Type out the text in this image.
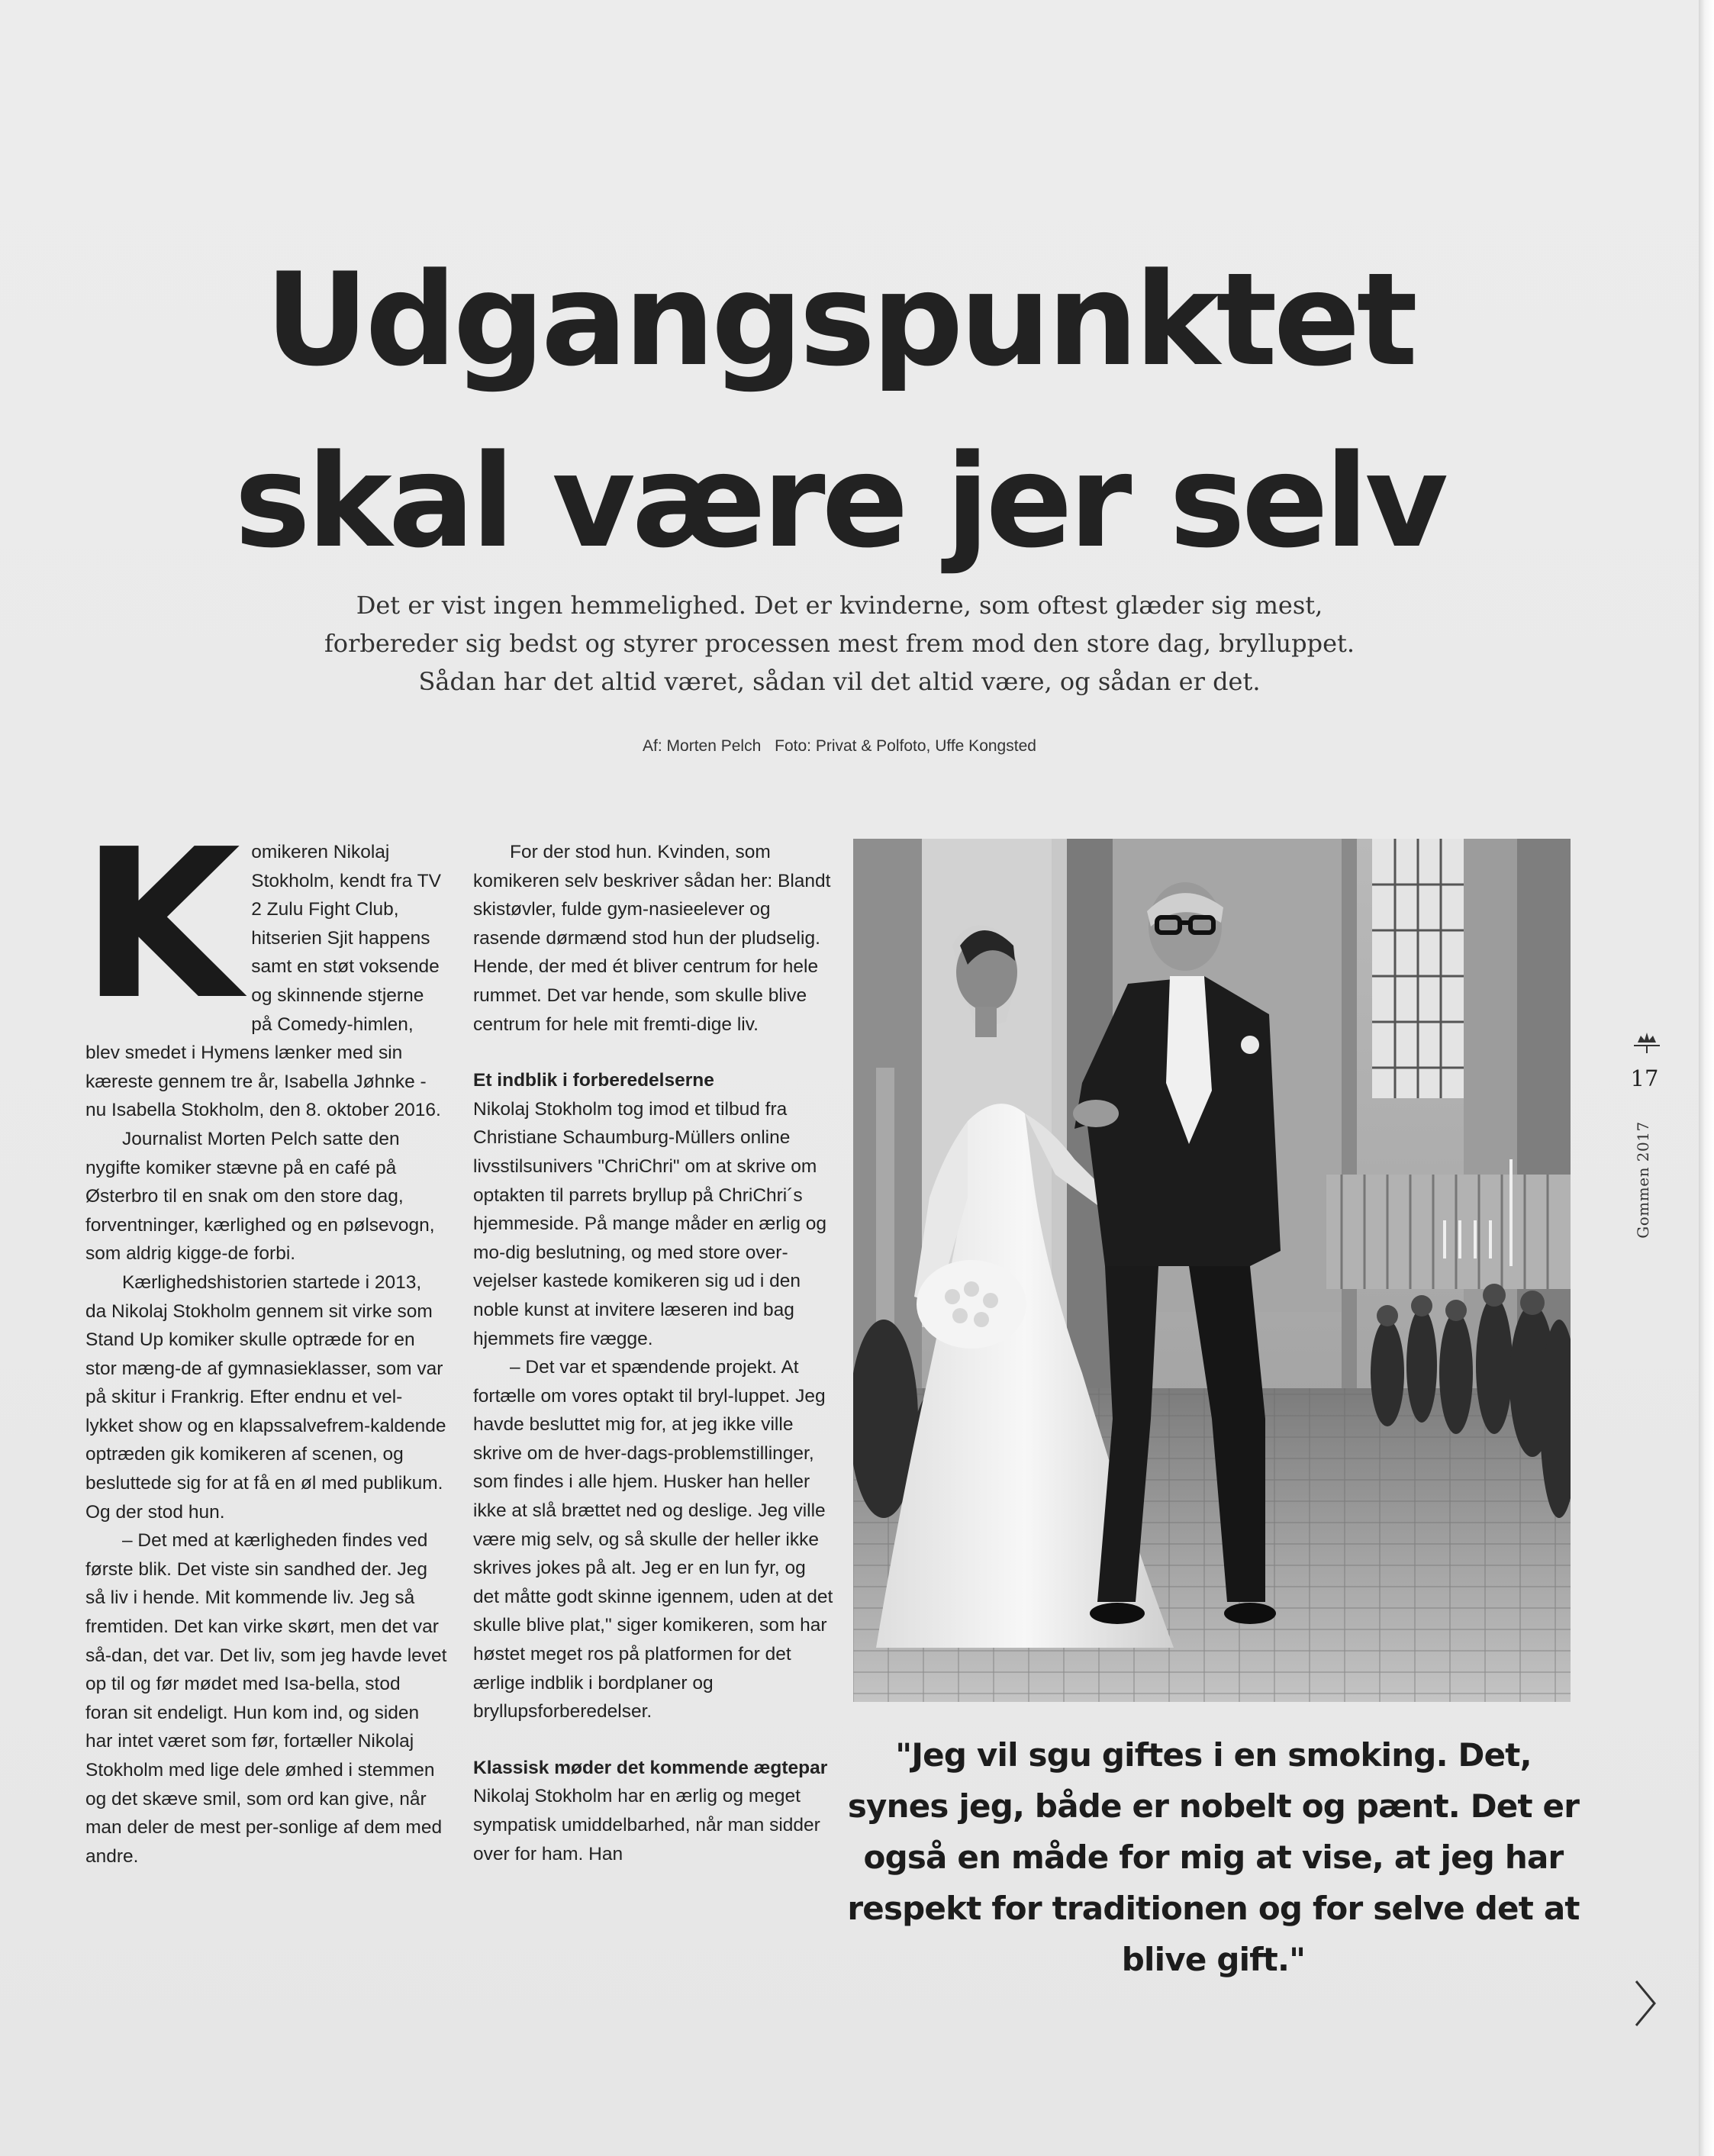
Udgangspunktet
skal være jer selv
Det er vist ingen hemmelighed. Det er kvinderne, som oftest glæder sig mest,
forbereder sig bedst og styrer processen mest frem mod den store dag, brylluppet.
Sådan har det altid været, sådan vil det altid være, og sådan er det.
Af: Morten Pelch Foto: Privat & Polfoto, Uffe Kongsted
K omikeren Nikolaj Stokholm, kendt fra TV 2 Zulu Fight Club, hitserien Sjit happens samt en støt voksende og skinnende stjerne på Comedy-himlen, blev smedet i Hymens lænker med sin kæreste gennem tre år, Isabella Jøhnke - nu Isabella Stokholm, den 8. oktober 2016.

Journalist Morten Pelch satte den nygifte komiker stævne på en café på Østerbro til en snak om den store dag, forventninger, kærlighed og en pølsevogn, som aldrig kigge-de forbi.

Kærlighedshistorien startede i 2013, da Nikolaj Stokholm gennem sit virke som Stand Up komiker skulle optræde for en stor mæng-de af gymnasieklasser, som var på skitur i Frankrig. Efter endnu et vel-lykket show og en klapssalvefrem-kaldende optræden gik komikeren af scenen, og besluttede sig for at få en øl med publikum. Og der stod hun.

– Det med at kærligheden findes ved første blik. Det viste sin sandhed der. Jeg så liv i hende. Mit kommende liv. Jeg så fremtiden. Det kan virke skørt, men det var så-dan, det var. Det liv, som jeg havde levet op til og før mødet med Isa-bella, stod foran sit endeligt. Hun kom ind, og siden har intet været som før, fortæller Nikolaj Stokholm med lige dele ømhed i stemmen og det skæve smil, som ord kan give, når man deler de mest per-sonlige af dem med andre.

For der stod hun. Kvinden, som komikeren selv beskriver sådan her: Blandt skistøvler, fulde gym-nasieelever og rasende dørmænd stod hun der pludselig. Hende, der med ét bliver centrum for hele rummet. Det var hende, som skulle blive centrum for hele mit fremti-dige liv.

Et indblik i forberedelserne

Nikolaj Stokholm tog imod et tilbud fra Christiane Schaumburg-Müllers online livsstilsunivers "ChriChri" om at skrive om optakten til parrets bryllup på ChriChri´s hjemmeside. På mange måder en ærlig og mo-dig beslutning, og med store over-vejelser kastede komikeren sig ud i den noble kunst at invitere læseren ind bag hjemmets fire vægge.

– Det var et spændende projekt. At fortælle om vores optakt til bryl-luppet. Jeg havde besluttet mig for, at jeg ikke ville skrive om de hver-dags-problemstillinger, som findes i alle hjem. Husker han heller ikke at slå brættet ned og deslige. Jeg ville være mig selv, og så skulle der heller ikke skrives jokes på alt. Jeg er en lun fyr, og det måtte godt skinne igennem, uden at det skulle blive plat," siger komikeren, som har høstet meget ros på platformen for det ærlige indblik i bordplaner og bryllupsforberedelser.

Klassisk møder det kommende ægtepar

Nikolaj Stokholm har en ærlig og meget sympatisk umiddelbarhed, når man sidder over for ham. Han

"Jeg vil sgu giftes i en smoking. Det, synes jeg, både er nobelt og pænt. Det er også en måde for mig at vise, at jeg har respekt for traditionen og for selve det at blive gift."

17
Gommen 2017
